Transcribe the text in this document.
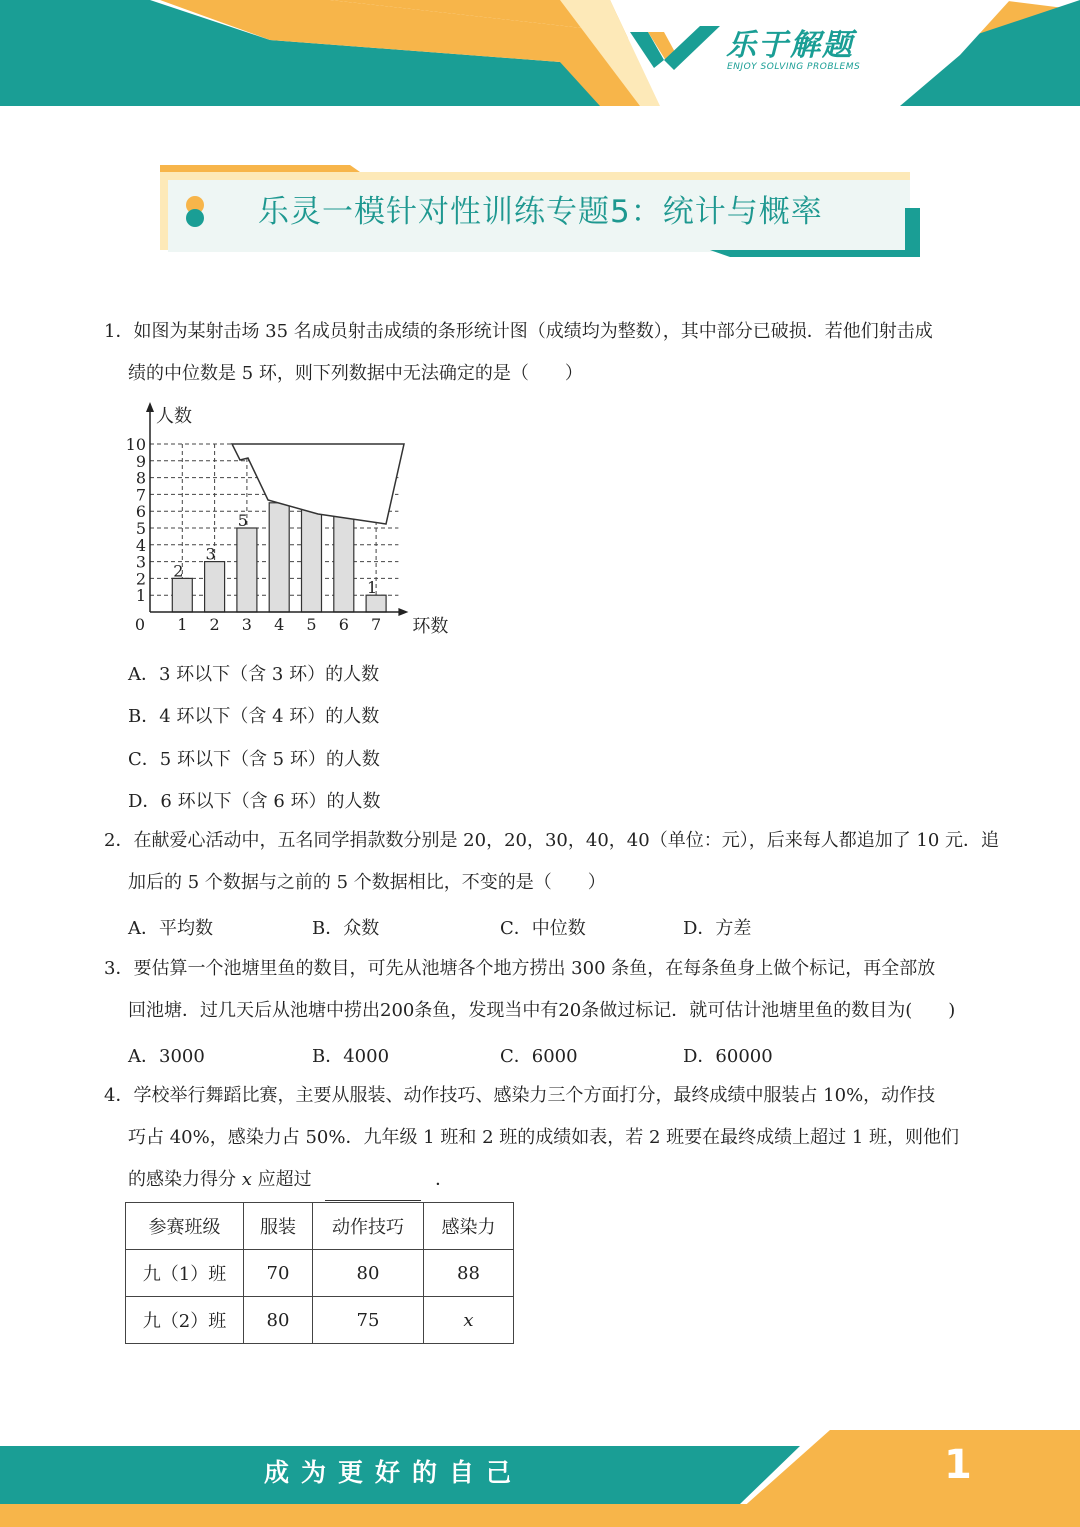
乐于解题
ENJOY SOLVING PROBLEMS
乐灵一模针对性训练专题5：统计与概率
1．如图为某射击场 35 名成员射击成绩的条形统计图（成绩均为整数），其中部分已破损．若他们射击成
绩的中位数是 5 环，则下列数据中无法确定的是（　　）
1
2
3
4
5
6
7
8
9
10
2
1
3
2
5
3 4 5 6
1
7
人数
环数
0
A．3 环以下（含 3 环）的人数
B．4 环以下（含 4 环）的人数
C．5 环以下（含 5 环）的人数
D．6 环以下（含 6 环）的人数
2．在献爱心活动中，五名同学捐款数分别是 20，20，30，40，40（单位：元），后来每人都追加了 10 元．追
加后的 5 个数据与之前的 5 个数据相比，不变的是（　　）
A．平均数	B．众数	C．中位数	D．方差
3．要估算一个池塘里鱼的数目，可先从池塘各个地方捞出 300 条鱼，在每条鱼身上做个标记，再全部放
回池塘．过几天后从池塘中捞出200条鱼，发现当中有20条做过标记．就可估计池塘里鱼的数目为(　　)
A．3000	B．4000	C．6000	D．60000
4．学校举行舞蹈比赛，主要从服装、动作技巧、感染力三个方面打分，最终成绩中服装占 10%，动作技
巧占 40%，感染力占 50%．九年级 1 班和 2 班的成绩如表，若 2 班要在最终成绩上超过 1 班，则他们
的感染力得分 x 应超过	．
参赛班级	服装	动作技巧	感染力
九（1）班	70	80	88
九（2）班	80	75	x
成为更好的自己	1
